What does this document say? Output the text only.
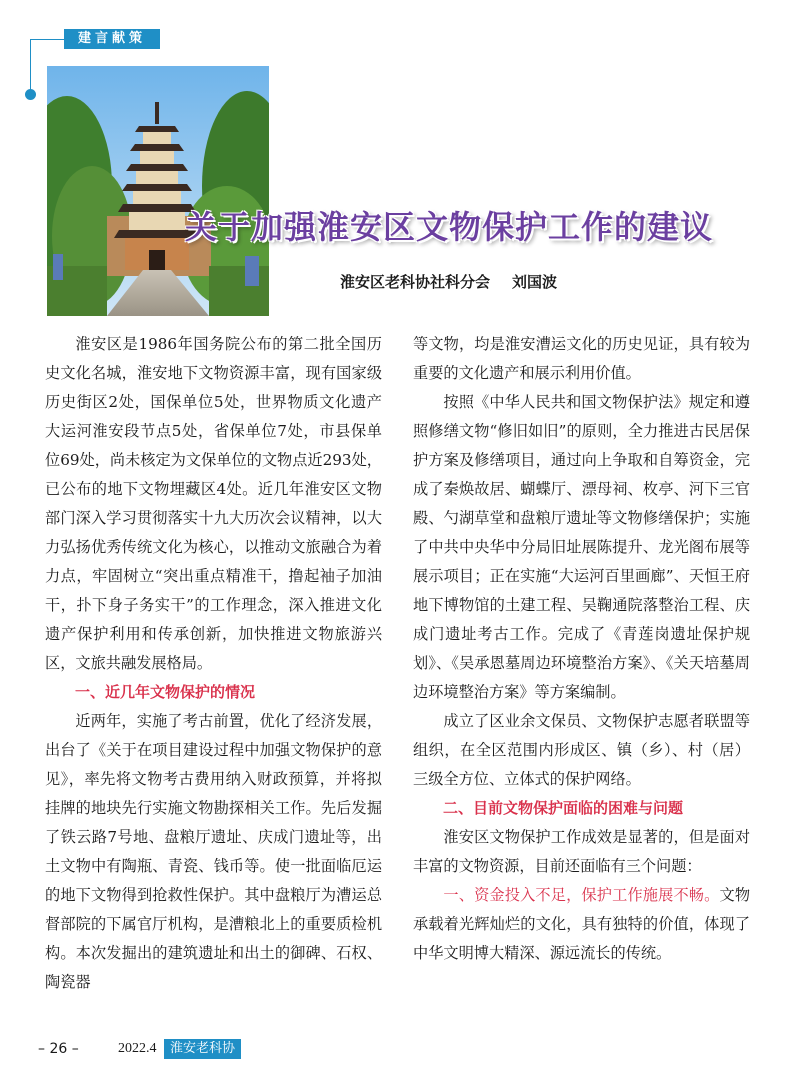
建言献策
关于加强淮安区文物保护工作的建议
淮安区老科协社科分会 刘国波

淮安区是1986年国务院公布的第二批全国历史文化名城，淮安地下文物资源丰富，现有国家级历史街区2处，国保单位5处，世界物质文化遗产大运河淮安段节点5处，省保单位7处，市县保单位69处，尚未核定为文保单位的文物点近293处，已公布的地下文物埋藏区4处。近几年淮安区文物部门深入学习贯彻落实十九大历次会议精神，以大力弘扬优秀传统文化为核心，以推动文旅融合为着力点，牢固树立“突出重点精准干，撸起袖子加油干，扑下身子务实干”的工作理念，深入推进文化遗产保护利用和传承创新，加快推进文物旅游兴区，文旅共融发展格局。

一、近几年文物保护的情况

近两年，实施了考古前置，优化了经济发展，出台了《关于在项目建设过程中加强文物保护的意见》，率先将文物考古费用纳入财政预算，并将拟挂牌的地块先行实施文物勘探相关工作。先后发掘了铁云路7号地、盘粮厅遗址、庆成门遗址等，出土文物中有陶瓶、青瓷、钱币等。使一批面临厄运的地下文物得到抢救性保护。其中盘粮厅为漕运总督部院的下属官厅机构，是漕粮北上的重要质检机构。本次发掘出的建筑遗址和出土的御碑、石权、陶瓷器

等文物，均是淮安漕运文化的历史见证，具有较为重要的文化遗产和展示利用价值。

按照《中华人民共和国文物保护法》规定和遵照修缮文物“修旧如旧”的原则，全力推进古民居保护方案及修缮项目，通过向上争取和自筹资金，完成了秦焕故居、蝴蝶厅、漂母祠、枚亭、河下三官殿、勺湖草堂和盘粮厅遗址等文物修缮保护；实施了中共中央华中分局旧址展陈提升、龙光阁布展等展示项目；正在实施“大运河百里画廊”、天恒王府地下博物馆的土建工程、吴鞠通院落整治工程、庆成门遗址考古工作。完成了《青莲岗遗址保护规划》、《吴承恩墓周边环境整治方案》、《关天培墓周边环境整治方案》等方案编制。

成立了区业余文保员、文物保护志愿者联盟等组织，在全区范围内形成区、镇（乡）、村（居）三级全方位、立体式的保护网络。

二、目前文物保护面临的困难与问题

淮安区文物保护工作成效是显著的，但是面对丰富的文物资源，目前还面临有三个问题：

一、资金投入不足，保护工作施展不畅。文物承载着光辉灿烂的文化，具有独特的价值，体现了中华文明博大精深、源远流长的传统。

– 26 –	2022.4	淮安老科协
